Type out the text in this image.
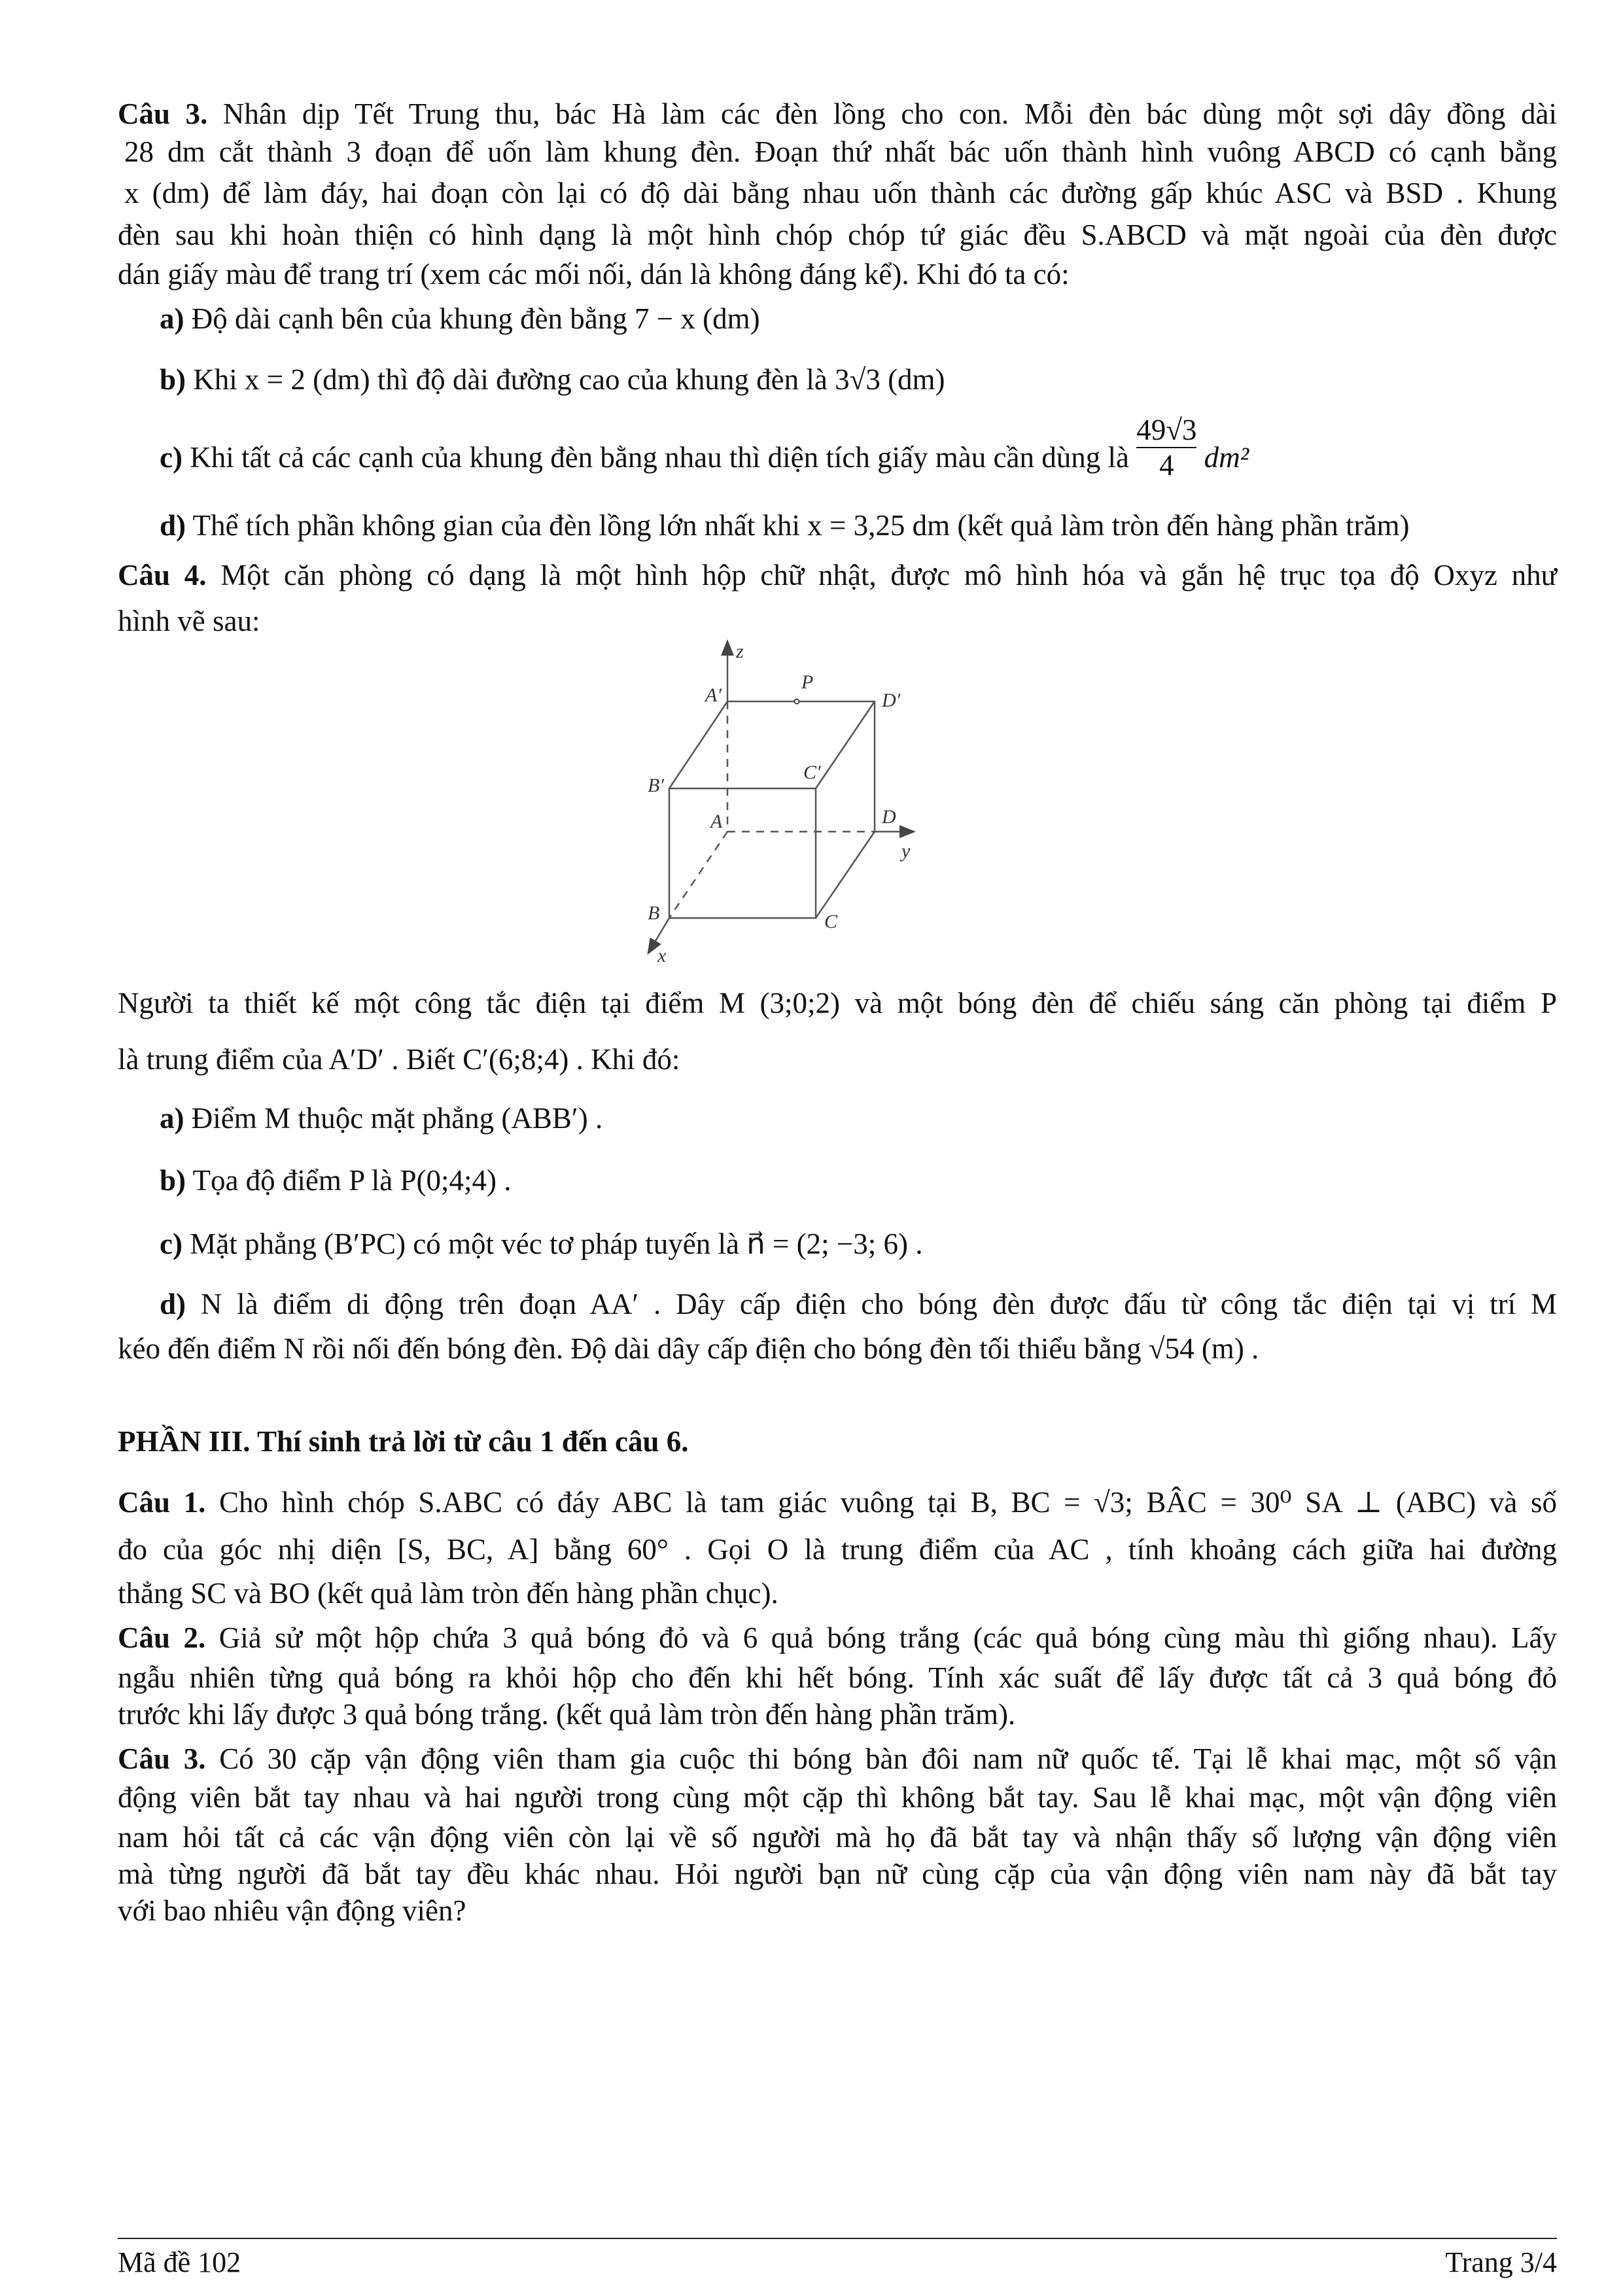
Câu 3. Nhân dịp Tết Trung thu, bác Hà làm các đèn lồng cho con. Mỗi đèn bác dùng một sợi dây đồng dài
28 dm cắt thành 3 đoạn để uốn làm khung đèn. Đoạn thứ nhất bác uốn thành hình vuông ABCD có cạnh bằng
x (dm) để làm đáy, hai đoạn còn lại có độ dài bằng nhau uốn thành các đường gấp khúc ASC và BSD . Khung
đèn sau khi hoàn thiện có hình dạng là một hình chóp chóp tứ giác đều S.ABCD và mặt ngoài của đèn được
dán giấy màu để trang trí (xem các mối nối, dán là không đáng kể). Khi đó ta có:
a) Độ dài cạnh bên của khung đèn bằng 7 − x (dm)
b) Khi x = 2 (dm) thì độ dài đường cao của khung đèn là 3√3 (dm)
c) Khi tất cả các cạnh của khung đèn bằng nhau thì diện tích giấy màu cần dùng là $\frac{49√3}{4} dm^2$
d) Thể tích phần không gian của đèn lồng lớn nhất khi x = 3,25 dm (kết quả làm tròn đến hàng phần trăm)
Câu 4. Một căn phòng có dạng là một hình hộp chữ nhật, được mô hình hóa và gắn hệ trục tọa độ Oxyz như
hình vẽ sau:
z
y
x
A′
P
D′
B′
C′
A	D
B	C
Người ta thiết kế một công tắc điện tại điểm M (3;0;2) và một bóng đèn để chiếu sáng căn phòng tại điểm P
là trung điểm của A′D′ . Biết C′(6;8;4) . Khi đó:
a) Điểm M thuộc mặt phẳng (ABB′) .
b) Tọa độ điểm P là P(0;4;4) .
c) Mặt phẳng (B′PC) có một véc tơ pháp tuyến là n⃗ = (2; −3; 6) .
d) N là điểm di động trên đoạn AA′ . Dây cấp điện cho bóng đèn được đấu từ công tắc điện tại vị trí M
kéo đến điểm N rồi nối đến bóng đèn. Độ dài dây cấp điện cho bóng đèn tối thiểu bằng √54 (m) .
PHẦN III. Thí sinh trả lời từ câu 1 đến câu 6.
Câu 1. Cho hình chóp S.ABC có đáy ABC là tam giác vuông tại B, BC = √3; BÂC = 30⁰ SA ⊥ (ABC) và số
đo của góc nhị diện [S, BC, A] bằng 60° . Gọi O là trung điểm của AC , tính khoảng cách giữa hai đường
thẳng SC và BO (kết quả làm tròn đến hàng phần chục).
Câu 2. Giả sử một hộp chứa 3 quả bóng đỏ và 6 quả bóng trắng (các quả bóng cùng màu thì giống nhau). Lấy
ngẫu nhiên từng quả bóng ra khỏi hộp cho đến khi hết bóng. Tính xác suất để lấy được tất cả 3 quả bóng đỏ
trước khi lấy được 3 quả bóng trắng. (kết quả làm tròn đến hàng phần trăm).
Câu 3. Có 30 cặp vận động viên tham gia cuộc thi bóng bàn đôi nam nữ quốc tế. Tại lễ khai mạc, một số vận
động viên bắt tay nhau và hai người trong cùng một cặp thì không bắt tay. Sau lễ khai mạc, một vận động viên
nam hỏi tất cả các vận động viên còn lại về số người mà họ đã bắt tay và nhận thấy số lượng vận động viên
mà từng người đã bắt tay đều khác nhau. Hỏi người bạn nữ cùng cặp của vận động viên nam này đã bắt tay
với bao nhiêu vận động viên?
Mã đề 102	Trang 3/4
